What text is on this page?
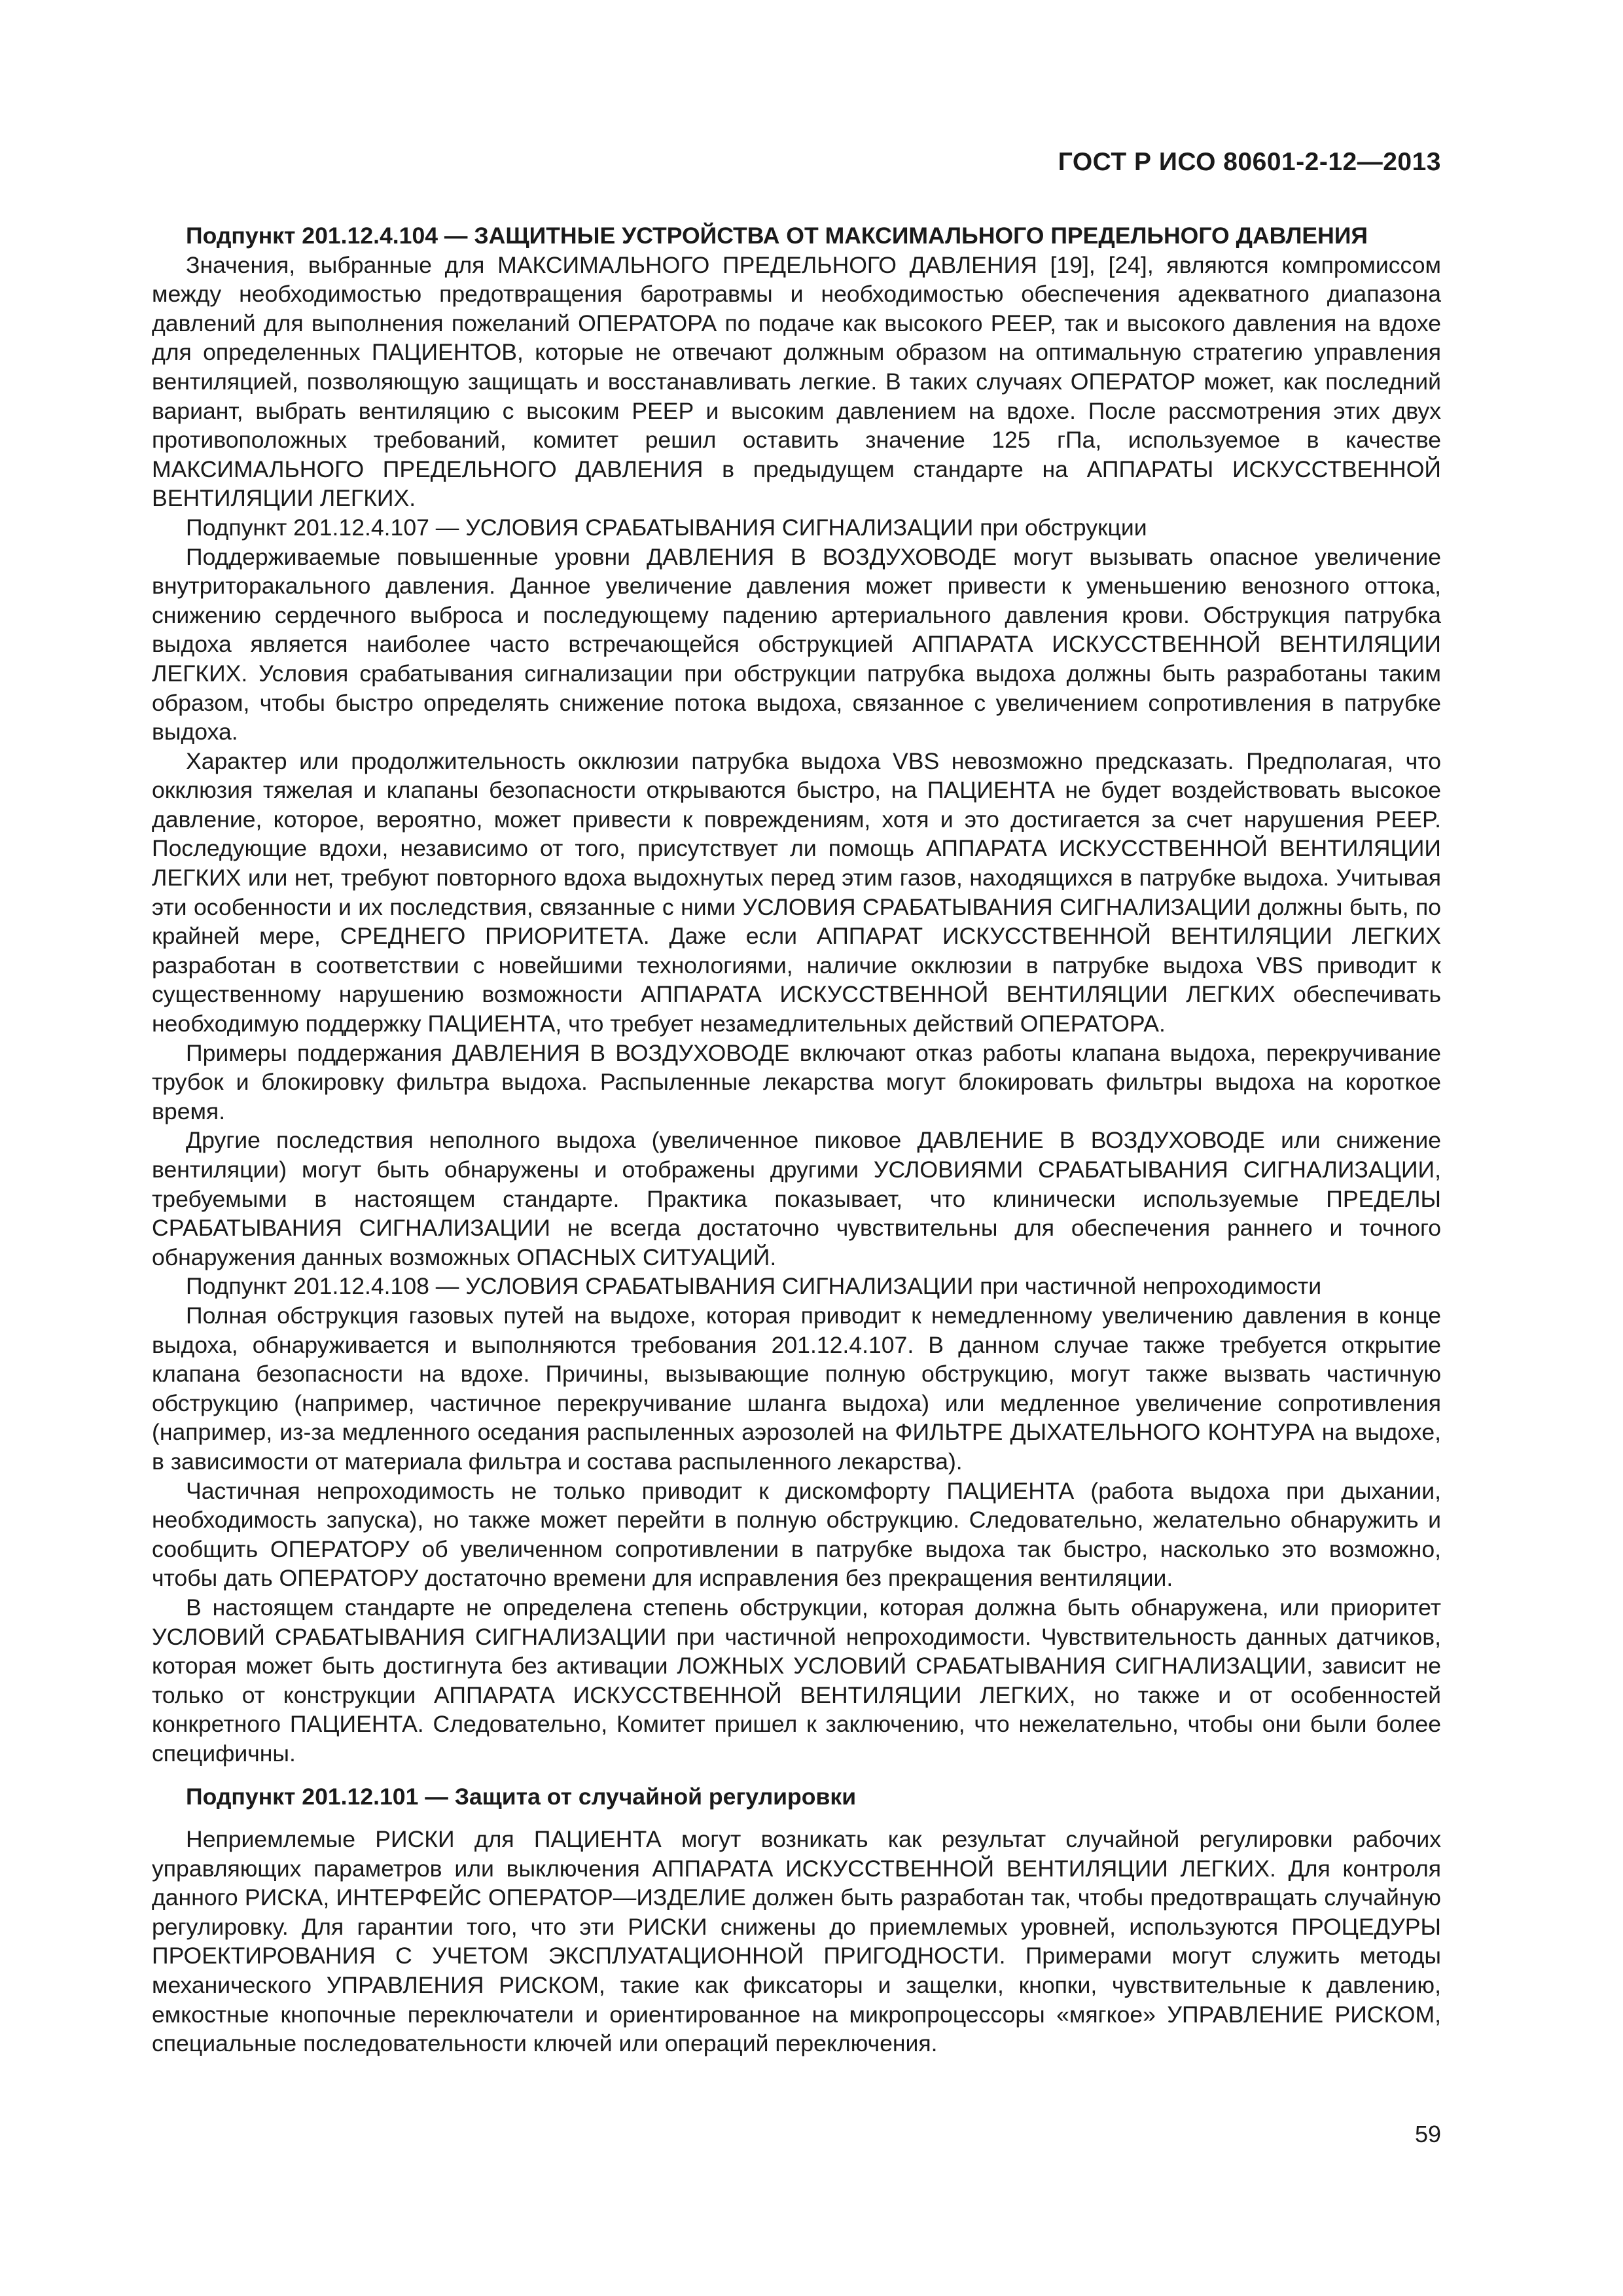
ГОСТ Р ИСО 80601-2-12—2013

Подпункт 201.12.4.104 — ЗАЩИТНЫЕ УСТРОЙСТВА ОТ МАКСИМАЛЬНОГО ПРЕДЕЛЬНОГО ДАВЛЕНИЯ

Значения, выбранные для МАКСИМАЛЬНОГО ПРЕДЕЛЬНОГО ДАВЛЕНИЯ [19], [24], являются компромиссом между необходимостью предотвращения баротравмы и необходимостью обеспечения адекватного диапазона давлений для выполнения пожеланий ОПЕРАТОРА по подаче как высокого PEEP, так и высокого давления на вдохе для определенных ПАЦИЕНТОВ, которые не отвечают должным образом на оптимальную стратегию управления вентиляцией, позволяющую защищать и восстанавливать легкие. В таких случаях ОПЕРАТОР может, как последний вариант, выбрать вентиляцию с высоким PEEP и высоким давлением на вдохе. После рассмотрения этих двух противоположных требований, комитет решил оставить значение 125 гПа, используемое в качестве МАКСИМАЛЬНОГО ПРЕДЕЛЬНОГО ДАВЛЕНИЯ в предыдущем стандарте на АППАРАТЫ ИСКУССТВЕННОЙ ВЕНТИЛЯЦИИ ЛЕГКИХ.

Подпункт 201.12.4.107 — УСЛОВИЯ СРАБАТЫВАНИЯ СИГНАЛИЗАЦИИ при обструкции

Поддерживаемые повышенные уровни ДАВЛЕНИЯ В ВОЗДУХОВОДЕ могут вызывать опасное увеличение внутриторакального давления. Данное увеличение давления может привести к уменьшению венозного оттока, снижению сердечного выброса и последующему падению артериального давления крови. Обструкция патрубка выдоха является наиболее часто встречающейся обструкцией АППАРАТА ИСКУССТВЕННОЙ ВЕНТИЛЯЦИИ ЛЕГКИХ. Условия срабатывания сигнализации при обструкции патрубка выдоха должны быть разработаны таким образом, чтобы быстро определять снижение потока выдоха, связанное с увеличением сопротивления в патрубке выдоха.

Характер или продолжительность окклюзии патрубка выдоха VBS невозможно предсказать. Предполагая, что окклюзия тяжелая и клапаны безопасности открываются быстро, на ПАЦИЕНТА не будет воздействовать высокое давление, которое, вероятно, может привести к повреждениям, хотя и это достигается за счет нарушения PEEP. Последующие вдохи, независимо от того, присутствует ли помощь АППАРАТА ИСКУССТВЕННОЙ ВЕНТИЛЯЦИИ ЛЕГКИХ или нет, требуют повторного вдоха выдохнутых перед этим газов, находящихся в патрубке выдоха. Учитывая эти особенности и их последствия, связанные с ними УСЛОВИЯ СРАБАТЫВАНИЯ СИГНАЛИЗАЦИИ должны быть, по крайней мере, СРЕДНЕГО ПРИОРИТЕТА. Даже если АППАРАТ ИСКУССТВЕННОЙ ВЕНТИЛЯЦИИ ЛЕГКИХ разработан в соответствии с новейшими технологиями, наличие окклюзии в патрубке выдоха VBS приводит к существенному нарушению возможности АППАРАТА ИСКУССТВЕННОЙ ВЕНТИЛЯЦИИ ЛЕГКИХ обеспечивать необходимую поддержку ПАЦИЕНТА, что требует незамедлительных действий ОПЕРАТОРА.

Примеры поддержания ДАВЛЕНИЯ В ВОЗДУХОВОДЕ включают отказ работы клапана выдоха, перекручивание трубок и блокировку фильтра выдоха. Распыленные лекарства могут блокировать фильтры выдоха на короткое время.

Другие последствия неполного выдоха (увеличенное пиковое ДАВЛЕНИЕ В ВОЗДУХОВОДЕ или снижение вентиляции) могут быть обнаружены и отображены другими УСЛОВИЯМИ СРАБАТЫВАНИЯ СИГНАЛИЗАЦИИ, требуемыми в настоящем стандарте. Практика показывает, что клинически используемые ПРЕДЕЛЫ СРАБАТЫВАНИЯ СИГНАЛИЗАЦИИ не всегда достаточно чувствительны для обеспечения раннего и точного обнаружения данных возможных ОПАСНЫХ СИТУАЦИЙ.

Подпункт 201.12.4.108 — УСЛОВИЯ СРАБАТЫВАНИЯ СИГНАЛИЗАЦИИ при частичной непроходимости

Полная обструкция газовых путей на выдохе, которая приводит к немедленному увеличению давления в конце выдоха, обнаруживается и выполняются требования 201.12.4.107. В данном случае также требуется открытие клапана безопасности на вдохе. Причины, вызывающие полную обструкцию, могут также вызвать частичную обструкцию (например, частичное перекручивание шланга выдоха) или медленное увеличение сопротивления (например, из-за медленного оседания распыленных аэрозолей на ФИЛЬТРЕ ДЫХАТЕЛЬНОГО КОНТУРА на выдохе, в зависимости от материала фильтра и состава распыленного лекарства).

Частичная непроходимость не только приводит к дискомфорту ПАЦИЕНТА (работа выдоха при дыхании, необходимость запуска), но также может перейти в полную обструкцию. Следовательно, желательно обнаружить и сообщить ОПЕРАТОРУ об увеличенном сопротивлении в патрубке выдоха так быстро, насколько это возможно, чтобы дать ОПЕРАТОРУ достаточно времени для исправления без прекращения вентиляции.

В настоящем стандарте не определена степень обструкции, которая должна быть обнаружена, или приоритет УСЛОВИЙ СРАБАТЫВАНИЯ СИГНАЛИЗАЦИИ при частичной непроходимости. Чувствительность данных датчиков, которая может быть достигнута без активации ЛОЖНЫХ УСЛОВИЙ СРАБАТЫВАНИЯ СИГНАЛИЗАЦИИ, зависит не только от конструкции АППАРАТА ИСКУССТВЕННОЙ ВЕНТИЛЯЦИИ ЛЕГКИХ, но также и от особенностей конкретного ПАЦИЕНТА. Следовательно, Комитет пришел к заключению, что нежелательно, чтобы они были более специфичны.

Подпункт 201.12.101 — Защита от случайной регулировки

Неприемлемые РИСКИ для ПАЦИЕНТА могут возникать как результат случайной регулировки рабочих управляющих параметров или выключения АППАРАТА ИСКУССТВЕННОЙ ВЕНТИЛЯЦИИ ЛЕГКИХ. Для контроля данного РИСКА, ИНТЕРФЕЙС ОПЕРАТОР—ИЗДЕЛИЕ должен быть разработан так, чтобы предотвращать случайную регулировку. Для гарантии того, что эти РИСКИ снижены до приемлемых уровней, используются ПРОЦЕДУРЫ ПРОЕКТИРОВАНИЯ С УЧЕТОМ ЭКСПЛУАТАЦИОННОЙ ПРИГОДНОСТИ. Примерами могут служить методы механического УПРАВЛЕНИЯ РИСКОМ, такие как фиксаторы и защелки, кнопки, чувствительные к давлению, емкостные кнопочные переключатели и ориентированное на микропроцессоры «мягкое» УПРАВЛЕНИЕ РИСКОМ, специальные последовательности ключей или операций переключения.

59
